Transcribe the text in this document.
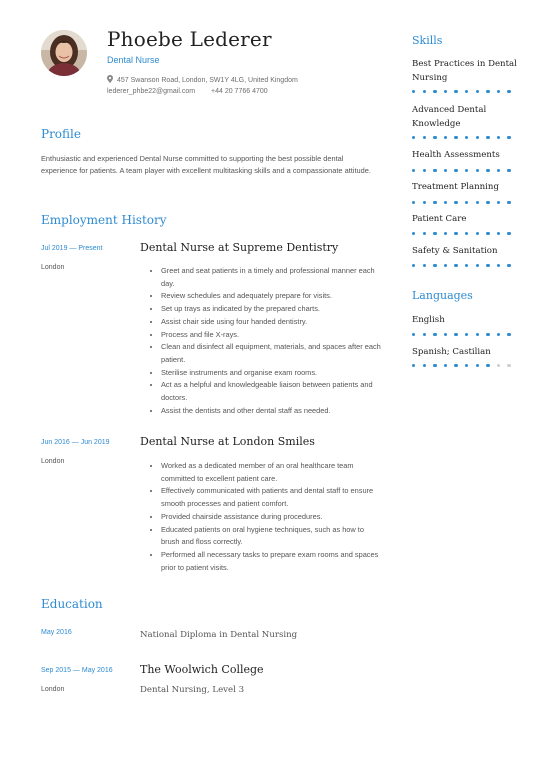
Phoebe Lederer
Dental Nurse
457 Swanson Road, London, SW1Y 4LG, United Kingdom
lederer_phbe22@gmail.com +44 20 7766 4700
Profile
Enthusiastic and experienced Dental Nurse committed to supporting the best possible dental experience for patients. A team player with excellent multitasking skills and a compassionate attitude.
Employment History
Jul 2019 — Present
London
Dental Nurse at Supreme Dentistry
• Greet and seat patients in a timely and professional manner each day.
• Review schedules and adequately prepare for visits.
• Set up trays as indicated by the prepared charts.
• Assist chair side using four handed dentistry.
• Process and file X-rays.
• Clean and disinfect all equipment, materials, and spaces after each patient.
• Sterilise instruments and organise exam rooms.
• Act as a helpful and knowledgeable liaison between patients and doctors.
• Assist the dentists and other dental staff as needed.
Jun 2016 — Jun 2019
London
Dental Nurse at London Smiles
• Worked as a dedicated member of an oral healthcare team committed to excellent patient care.
• Effectively communicated with patients and dental staff to ensure smooth processes and patient comfort.
• Provided chairside assistance during procedures.
• Educated patients on oral hygiene techniques, such as how to brush and floss correctly.
• Performed all necessary tasks to prepare exam rooms and spaces prior to patient visits.
Education
May 2016	National Diploma in Dental Nursing
Sep 2015 — May 2016
London
The Woolwich College
Dental Nursing, Level 3
Skills
Best Practices in Dental Nursing
Advanced Dental Knowledge
Health Assessments
Treatment Planning
Patient Care
Safety & Sanitation
Languages
English
Spanish; Castilian
